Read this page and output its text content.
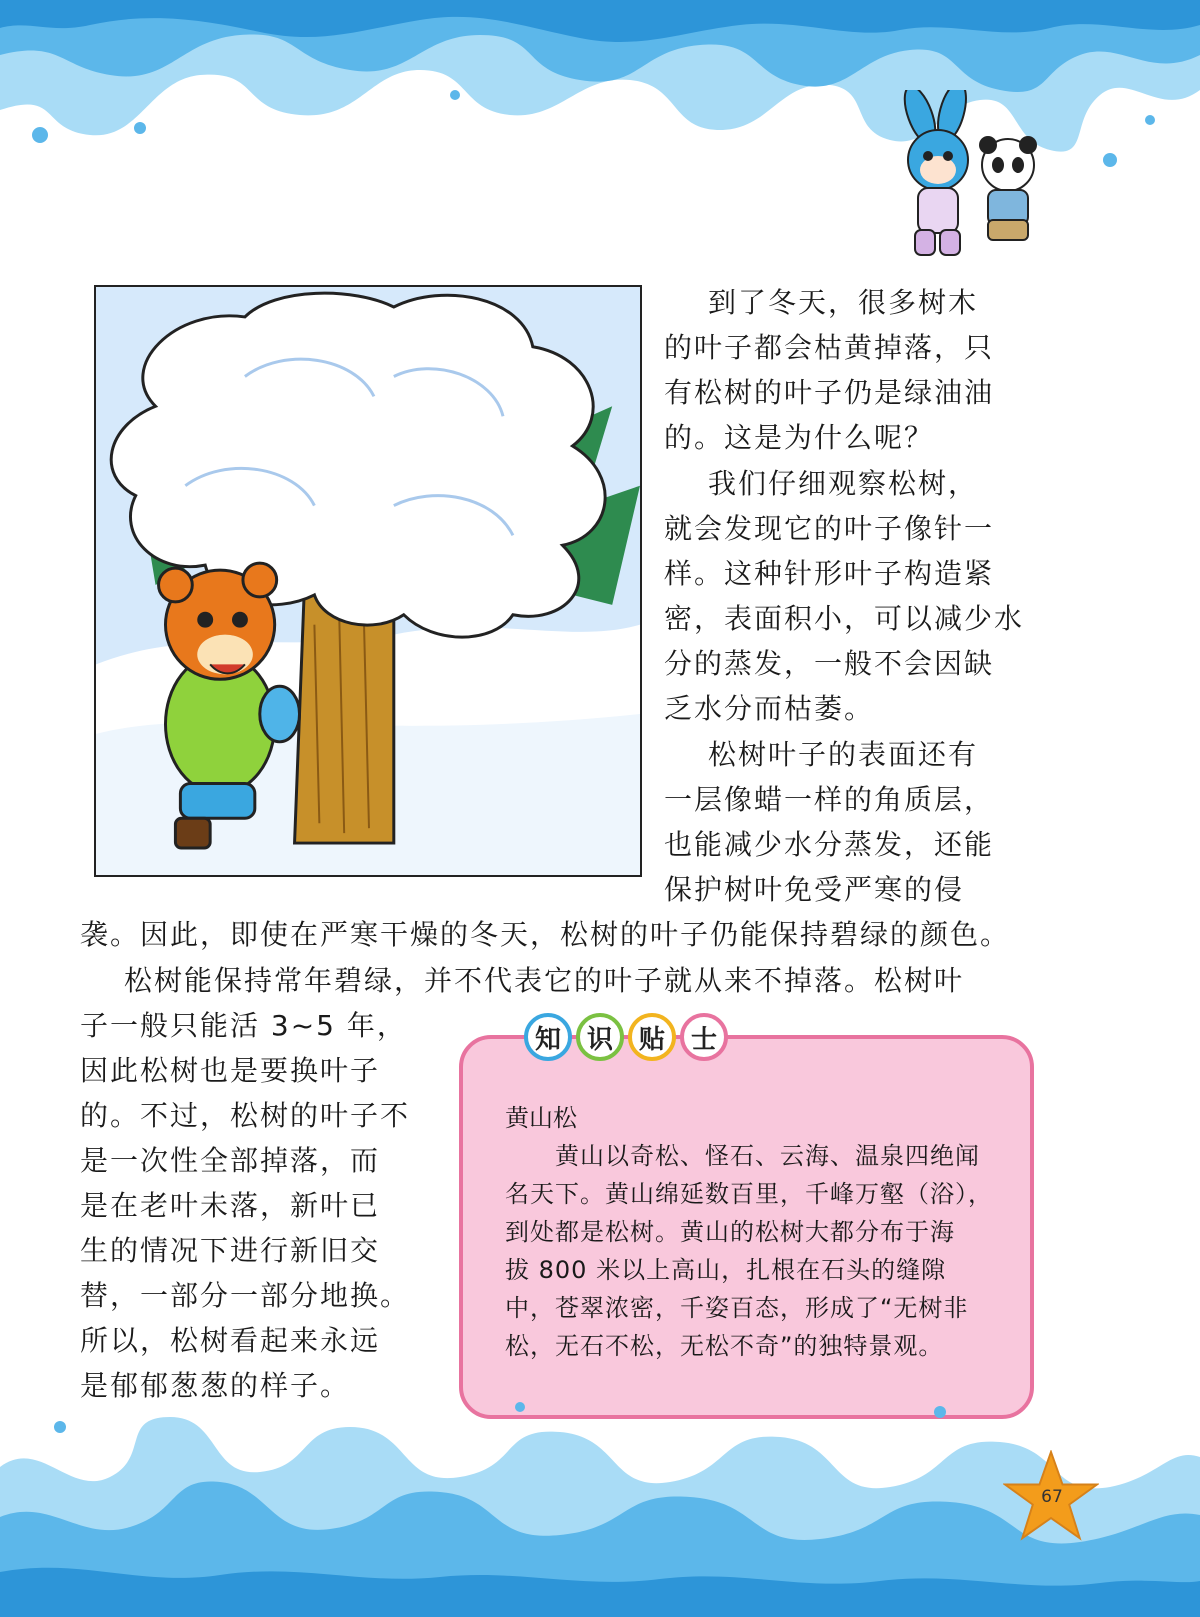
到了冬天，很多树木
的叶子都会枯黄掉落，只
有松树的叶子仍是绿油油
的。这是为什么呢？
我们仔细观察松树，
就会发现它的叶子像针一
样。这种针形叶子构造紧
密，表面积小，可以减少水
分的蒸发，一般不会因缺
乏水分而枯萎。
松树叶子的表面还有
一层像蜡一样的角质层，
也能减少水分蒸发，还能
保护树叶免受严寒的侵
袭。因此，即使在严寒干燥的冬天，松树的叶子仍能保持碧绿的颜色。
松树能保持常年碧绿，并不代表它的叶子就从来不掉落。松树叶
子一般只能活 3~5 年，
因此松树也是要换叶子
的。不过，松树的叶子不
是一次性全部掉落，而
是在老叶未落，新叶已
生的情况下进行新旧交
替，一部分一部分地换。
所以，松树看起来永远
是郁郁葱葱的样子。
知 识 贴 士
黄山松
黄山以奇松、怪石、云海、温泉四绝闻
名天下。黄山绵延数百里，千峰万壑（浴），
到处都是松树。黄山的松树大都分布于海
拔 800 米以上高山，扎根在石头的缝隙
中，苍翠浓密，千姿百态，形成了“无树非
松，无石不松，无松不奇”的独特景观。
67
